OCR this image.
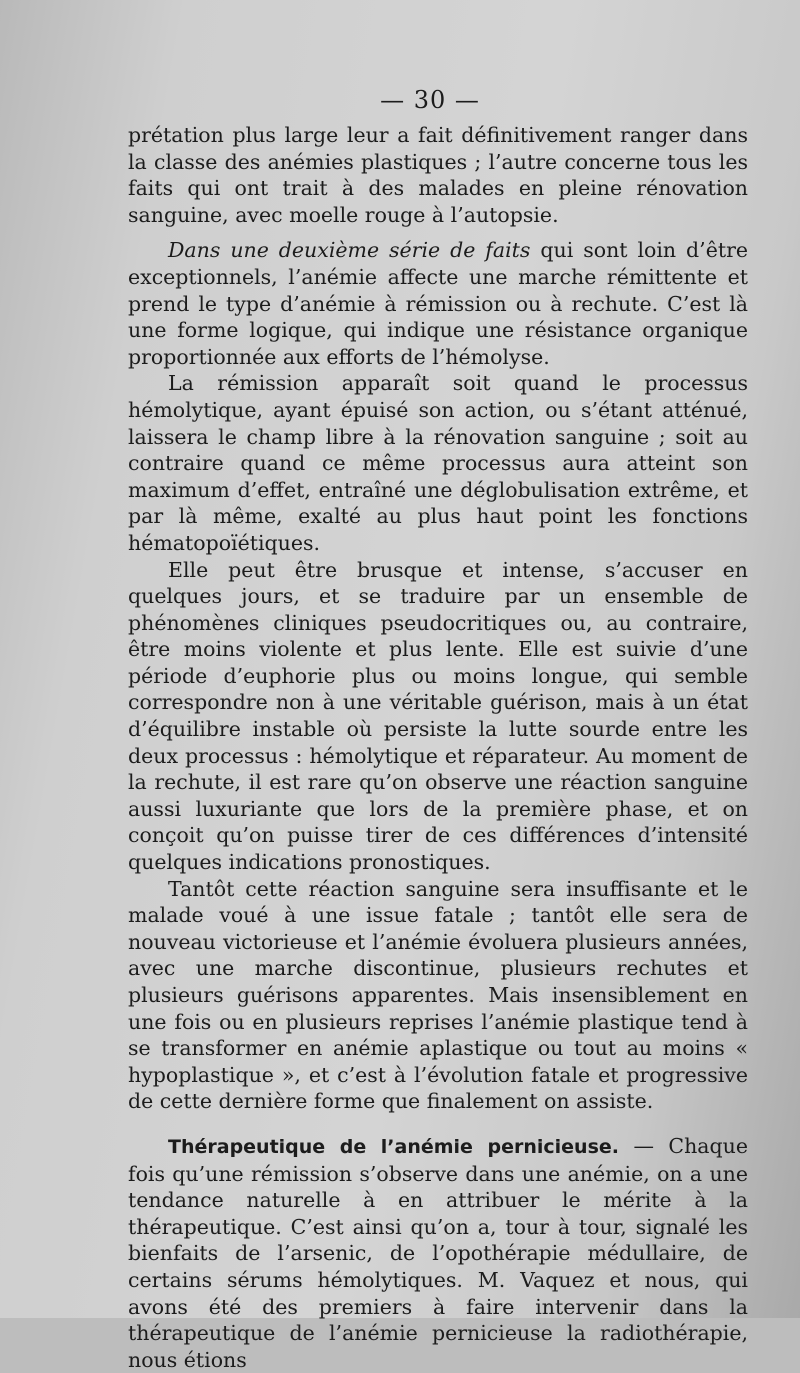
— 30 —

prétation plus large leur a fait définitivement ranger dans la classe des anémies plastiques ; l’autre concerne tous les faits qui ont trait à des malades en pleine rénovation sanguine, avec moelle rouge à l’autopsie.

Dans une deuxième série de faits qui sont loin d’être exceptionnels, l’anémie affecte une marche rémittente et prend le type d’anémie à rémission ou à rechute. C’est là une forme logique, qui indique une résistance organique proportionnée aux efforts de l’hémolyse.

La rémission apparaît soit quand le processus hémolytique, ayant épuisé son action, ou s’étant atténué, laissera le champ libre à la rénovation sanguine ; soit au contraire quand ce même processus aura atteint son maximum d’effet, entraîné une déglobulisation extrême, et par là même, exalté au plus haut point les fonctions hématopoïétiques.

Elle peut être brusque et intense, s’accuser en quelques jours, et se traduire par un ensemble de phénomènes cliniques pseudocritiques ou, au contraire, être moins violente et plus lente. Elle est suivie d’une période d’euphorie plus ou moins longue, qui semble correspondre non à une véritable guérison, mais à un état d’équilibre instable où persiste la lutte sourde entre les deux processus : hémolytique et réparateur. Au moment de la rechute, il est rare qu’on observe une réaction sanguine aussi luxuriante que lors de la première phase, et on conçoit qu’on puisse tirer de ces différences d’intensité quelques indications pronostiques.

Tantôt cette réaction sanguine sera insuffisante et le malade voué à une issue fatale ; tantôt elle sera de nouveau victorieuse et l’anémie évoluera plusieurs années, avec une marche discontinue, plusieurs rechutes et plusieurs guérisons apparentes. Mais insensiblement en une fois ou en plusieurs reprises l’anémie plastique tend à se transformer en anémie aplastique ou tout au moins « hypoplastique », et c’est à l’évolution fatale et progressive de cette dernière forme que finalement on assiste.

Thérapeutique de l’anémie pernicieuse. — Chaque fois qu’une rémission s’observe dans une anémie, on a une tendance naturelle à en attribuer le mérite à la thérapeutique. C’est ainsi qu’on a, tour à tour, signalé les bienfaits de l’arsenic, de l’opothérapie médullaire, de certains sérums hémolytiques. M. Vaquez et nous, qui avons été des premiers à faire intervenir dans la thérapeutique de l’anémie pernicieuse la radiothérapie, nous étions
